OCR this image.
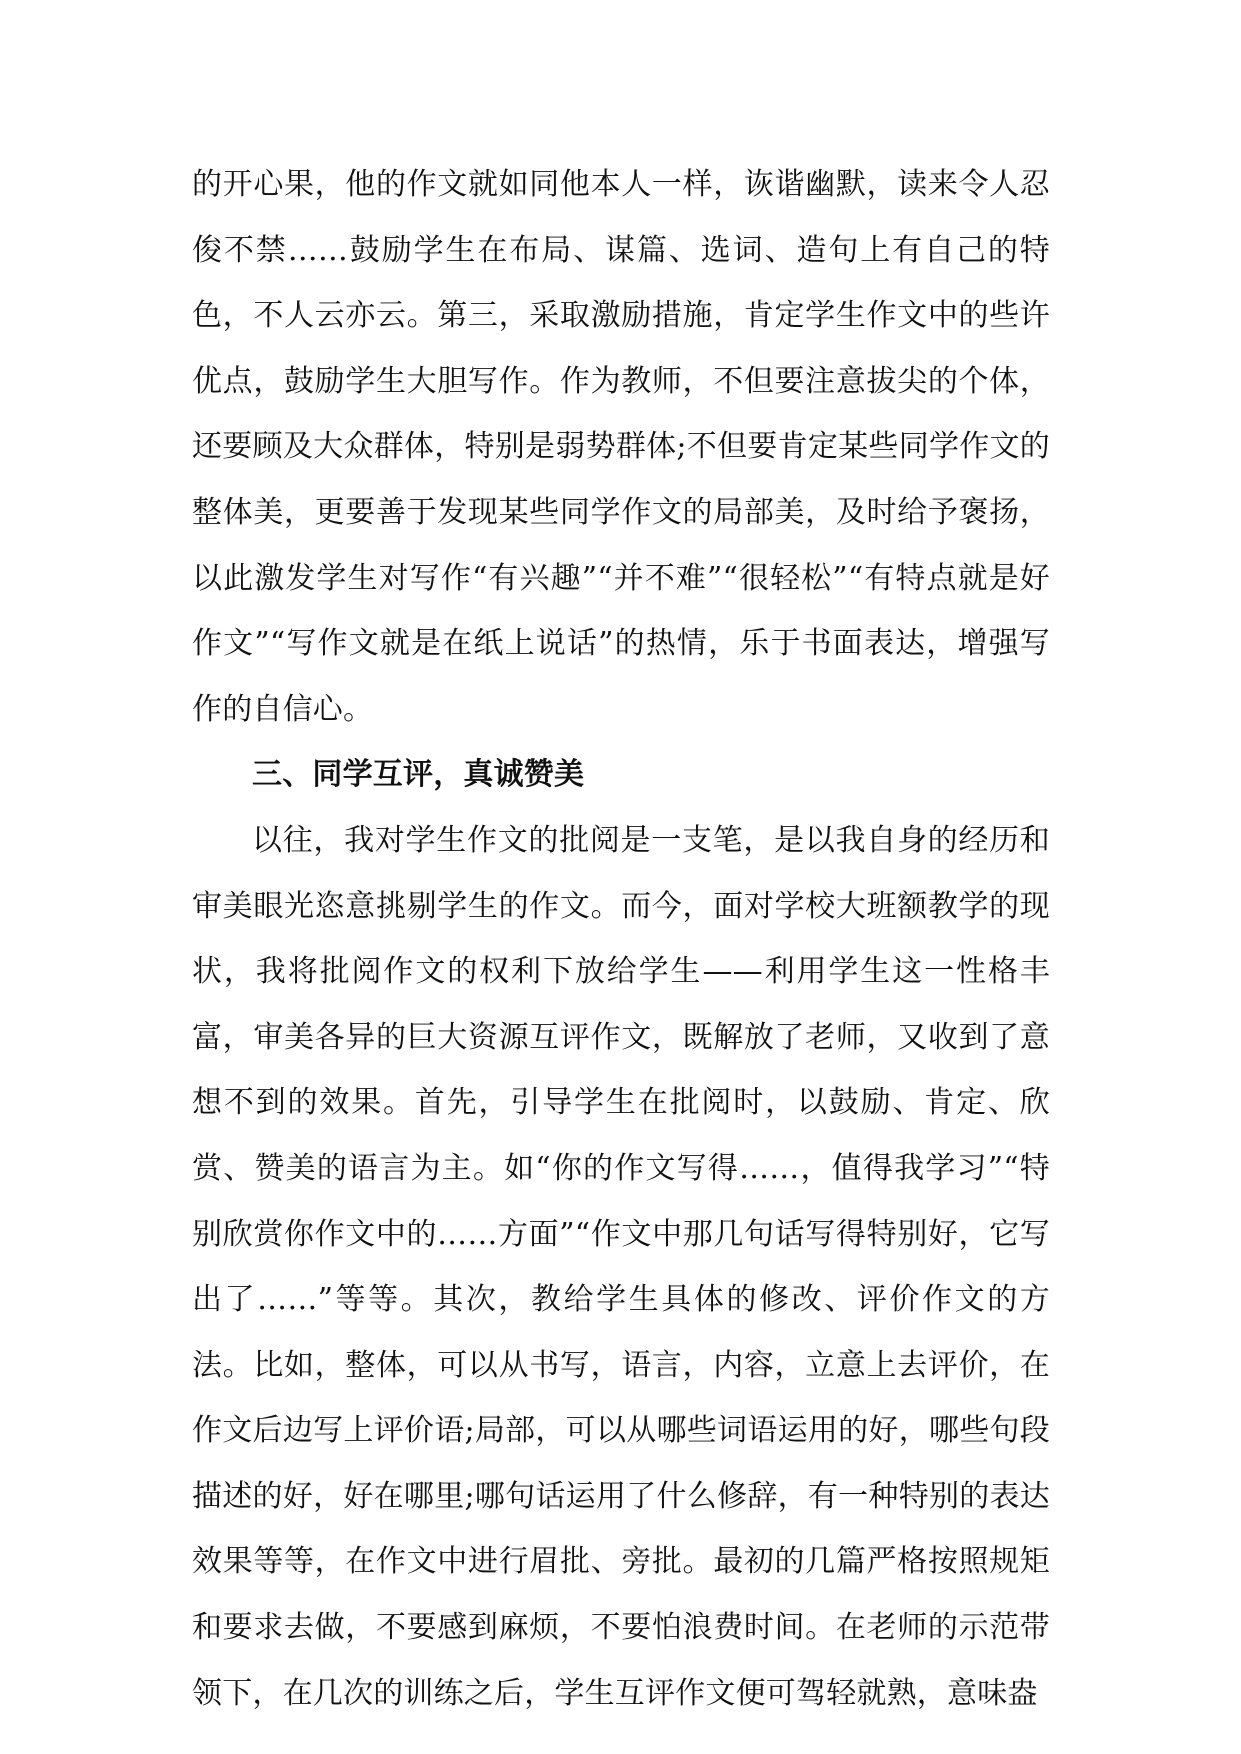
的开心果，他的作文就如同他本人一样，诙谐幽默，读来令人忍俊不禁……鼓励学生在布局、谋篇、选词、造句上有自己的特色，不人云亦云。第三，采取激励措施，肯定学生作文中的些许优点，鼓励学生大胆写作。作为教师，不但要注意拔尖的个体，还要顾及大众群体，特别是弱势群体;不但要肯定某些同学作文的整体美，更要善于发现某些同学作文的局部美，及时给予褒扬，以此激发学生对写作“有兴趣”“并不难”“很轻松”“有特点就是好作文”“写作文就是在纸上说话”的热情，乐于书面表达，增强写作的自信心。

三、同学互评，真诚赞美

以往，我对学生作文的批阅是一支笔，是以我自身的经历和审美眼光恣意挑剔学生的作文。而今，面对学校大班额教学的现状，我将批阅作文的权利下放给学生——利用学生这一性格丰富，审美各异的巨大资源互评作文，既解放了老师，又收到了意想不到的效果。首先，引导学生在批阅时，以鼓励、肯定、欣赏、赞美的语言为主。如“你的作文写得……，值得我学习”“特别欣赏你作文中的……方面”“作文中那几句话写得特别好，它写出了……”等等。其次，教给学生具体的修改、评价作文的方法。比如，整体，可以从书写，语言，内容，立意上去评价，在作文后边写上评价语;局部，可以从哪些词语运用的好，哪些句段描述的好，好在哪里;哪句话运用了什么修辞，有一种特别的表达效果等等，在作文中进行眉批、旁批。最初的几篇严格按照规矩和要求去做，不要感到麻烦，不要怕浪费时间。在老师的示范带领下，在几次的训练之后，学生互评作文便可驾轻就熟，意味盎
